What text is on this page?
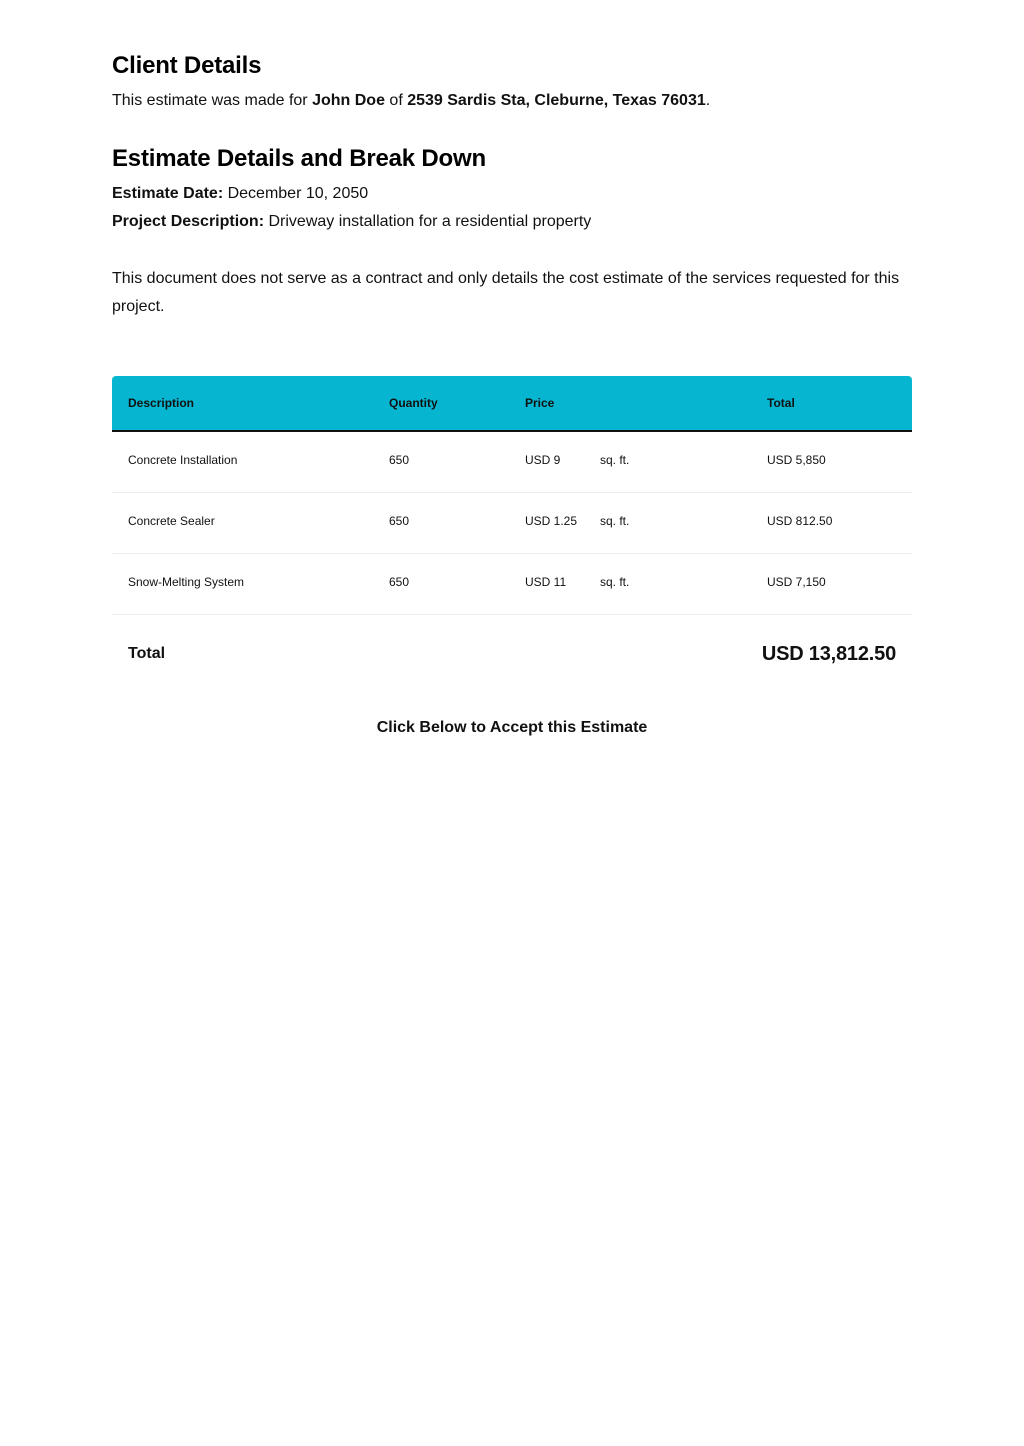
Client Details
This estimate was made for John Doe of 2539 Sardis Sta, Cleburne, Texas 76031.
Estimate Details and Break Down
Estimate Date: December 10, 2050
Project Description: Driveway installation for a residential property

This document does not serve as a contract and only details the cost estimate of the services requested for this project.

Description	Quantity	Price	Total
Concrete Installation	650	USD 9	sq. ft.	USD 5,850
Concrete Sealer	650	USD 1.25 sq. ft.	USD 812.50
Snow-Melting System	650	USD 11	sq. ft.	USD 7,150
Total	USD 13,812.50
Click Below to Accept this Estimate
